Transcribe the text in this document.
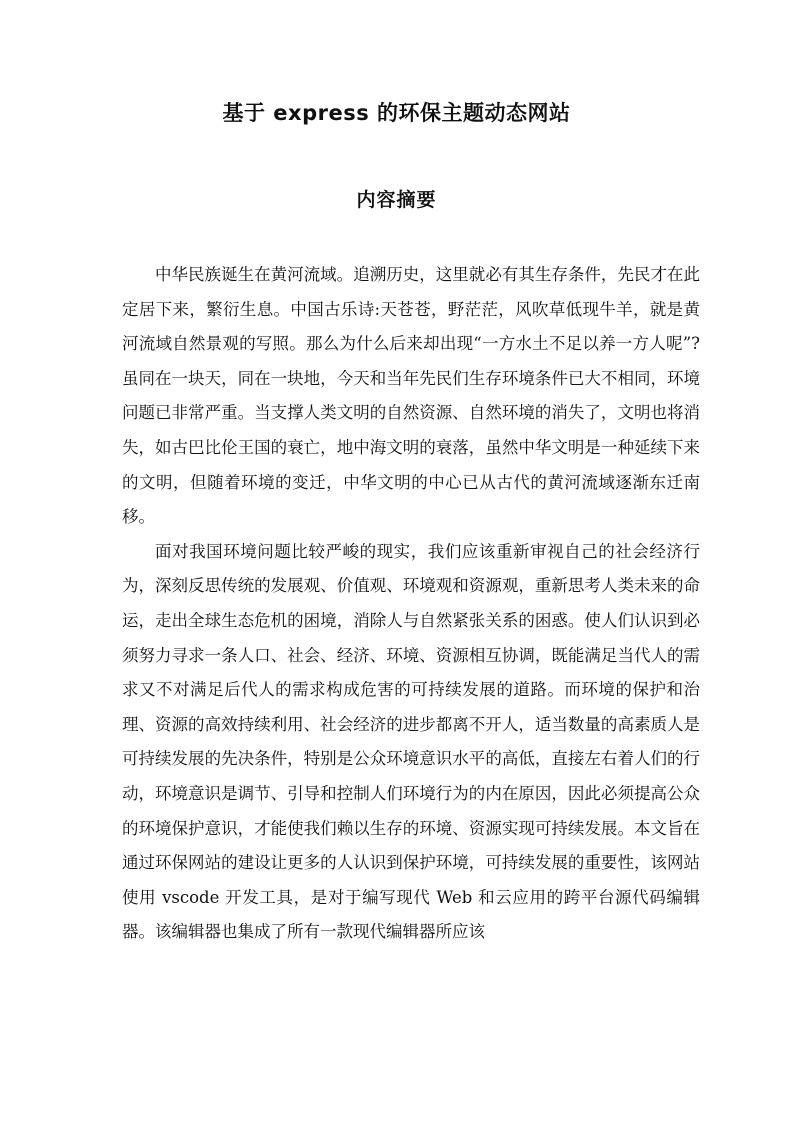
基于 express 的环保主题动态网站
内容摘要

中华民族诞生在黄河流域。追溯历史，这里就必有其生存条件，先民才在此定居下来，繁衍生息。中国古乐诗:天苍苍，野茫茫，风吹草低现牛羊，就是黄河流域自然景观的写照。那么为什么后来却出现“一方水土不足以养一方人呢”?虽同在一块天，同在一块地，今天和当年先民们生存环境条件已大不相同，环境问题已非常严重。当支撑人类文明的自然资源、自然环境的消失了，文明也将消失，如古巴比伦王国的衰亡，地中海文明的衰落，虽然中华文明是一种延续下来的文明，但随着环境的变迁，中华文明的中心已从古代的黄河流域逐渐东迁南移。

面对我国环境问题比较严峻的现实，我们应该重新审视自己的社会经济行为，深刻反思传统的发展观、价值观、环境观和资源观，重新思考人类未来的命运，走出全球生态危机的困境，消除人与自然紧张关系的困惑。使人们认识到必须努力寻求一条人口、社会、经济、环境、资源相互协调，既能满足当代人的需求又不对满足后代人的需求构成危害的可持续发展的道路。而环境的保护和治理、资源的高效持续利用、社会经济的进步都离不开人，适当数量的高素质人是可持续发展的先决条件，特别是公众环境意识水平的高低，直接左右着人们的行动，环境意识是调节、引导和控制人们环境行为的内在原因，因此必须提高公众的环境保护意识，才能使我们赖以生存的环境、资源实现可持续发展。本文旨在通过环保网站的建设让更多的人认识到保护环境，可持续发展的重要性，该网站使用 vscode 开发工具，是对于编写现代 Web 和云应用的跨平台源代码编辑器。该编辑器也集成了所有一款现代编辑器所应该
